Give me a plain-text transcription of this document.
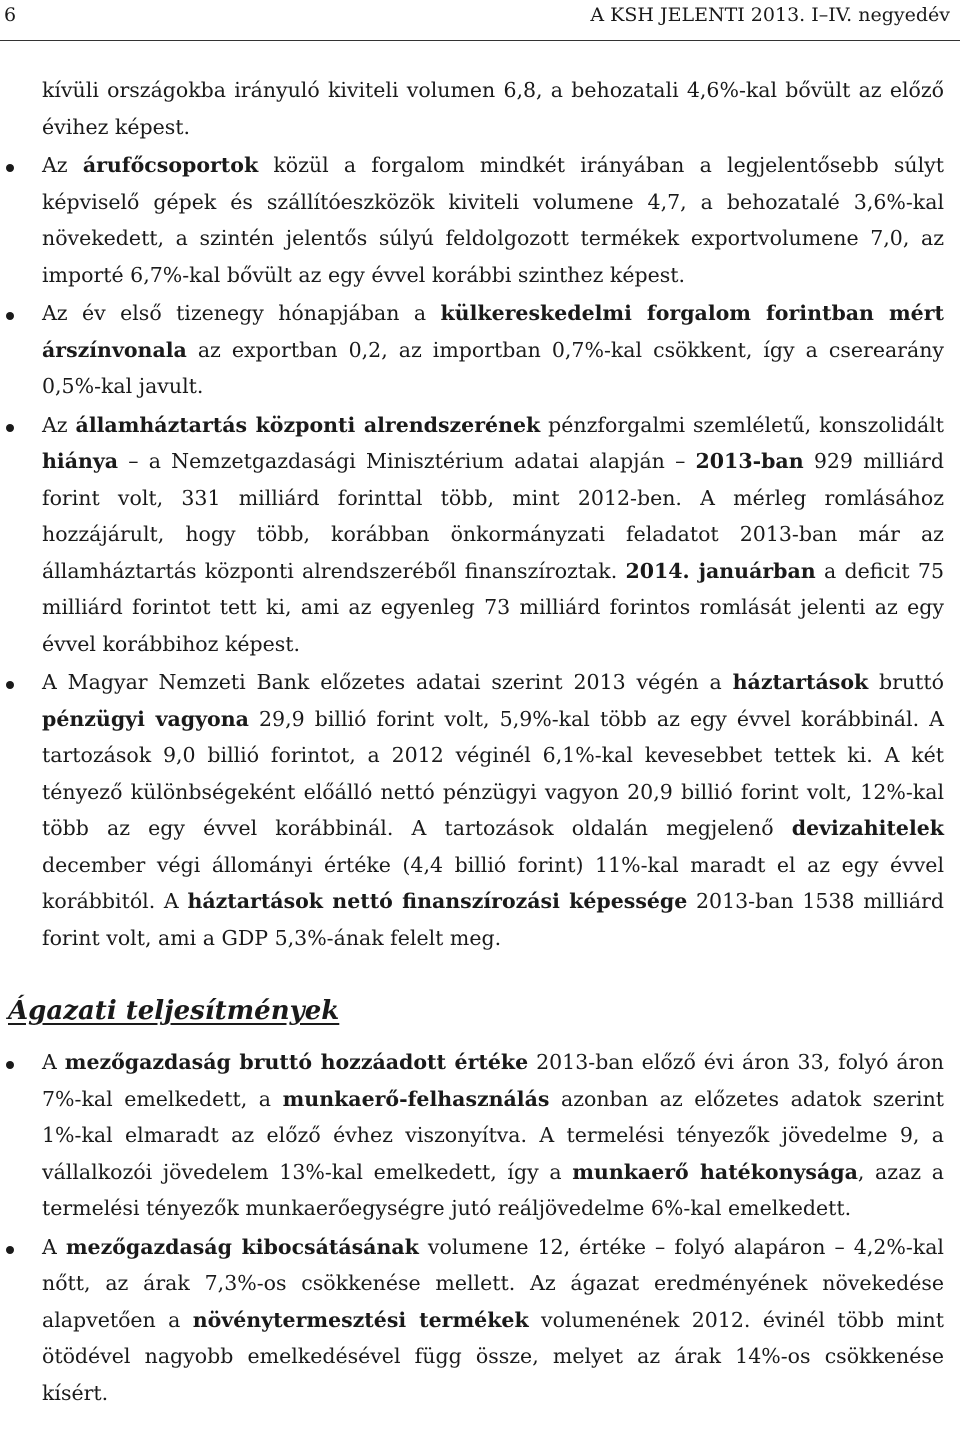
6	A KSH JELENTI 2013. I–IV. negyedév

kívüli országokba irányuló kiviteli volumen 6,8, a behozatali 4,6%-kal bővült az előző évihez képest.

Az árufőcsoportok közül a forgalom mindkét irányában a legjelentősebb súlyt képviselő gépek és szállítóeszközök kiviteli volumene 4,7, a behozatalé 3,6%-kal növekedett, a szintén jelentős súlyú feldolgozott termékek exportvolumene 7,0, az importé 6,7%-kal bővült az egy évvel korábbi szinthez képest.

Az év első tizenegy hónapjában a külkereskedelmi forgalom forintban mért árszínvonala az exportban 0,2, az importban 0,7%-kal csökkent, így a cserearány 0,5%-kal javult.

Az államháztartás központi alrendszerének pénzforgalmi szemléletű, konszolidált hiánya – a Nemzetgazdasági Minisztérium adatai alapján – 2013-ban 929 milliárd forint volt, 331 milliárd forinttal több, mint 2012-ben. A mérleg romlásához hozzájárult, hogy több, korábban önkormányzati feladatot 2013-ban már az államháztartás központi alrendszeréből finanszíroztak. 2014. januárban a deficit 75 milliárd forintot tett ki, ami az egyenleg 73 milliárd forintos romlását jelenti az egy évvel korábbihoz képest.

A Magyar Nemzeti Bank előzetes adatai szerint 2013 végén a háztartások bruttó pénzügyi vagyona 29,9 billió forint volt, 5,9%-kal több az egy évvel korábbinál. A tartozások 9,0 billió forintot, a 2012 véginél 6,1%-kal kevesebbet tettek ki. A két tényező különbségeként előálló nettó pénzügyi vagyon 20,9 billió forint volt, 12%-kal több az egy évvel korábbinál. A tartozások oldalán megjelenő devizahitelek december végi állományi értéke (4,4 billió forint) 11%-kal maradt el az egy évvel korábbitól. A háztartások nettó finanszírozási képessége 2013-ban 1538 milliárd forint volt, ami a GDP 5,3%-ának felelt meg.

Ágazati teljesítmények

A mezőgazdaság bruttó hozzáadott értéke 2013-ban előző évi áron 33, folyó áron 7%-kal emelkedett, a munkaerő-felhasználás azonban az előzetes adatok szerint 1%-kal elmaradt az előző évhez viszonyítva. A termelési tényezők jövedelme 9, a vállalkozói jövedelem 13%-kal emelkedett, így a munkaerő hatékonysága, azaz a termelési tényezők munkaerőegységre jutó reáljövedelme 6%-kal emelkedett.

A mezőgazdaság kibocsátásának volumene 12, értéke – folyó alapáron – 4,2%-kal nőtt, az árak 7,3%-os csökkenése mellett. Az ágazat eredményének növekedése alapvetően a növénytermesztési termékek volumenének 2012. évinél több mint ötödével nagyobb emelkedésével függ össze, melyet az árak 14%-os csökkenése kísért.
